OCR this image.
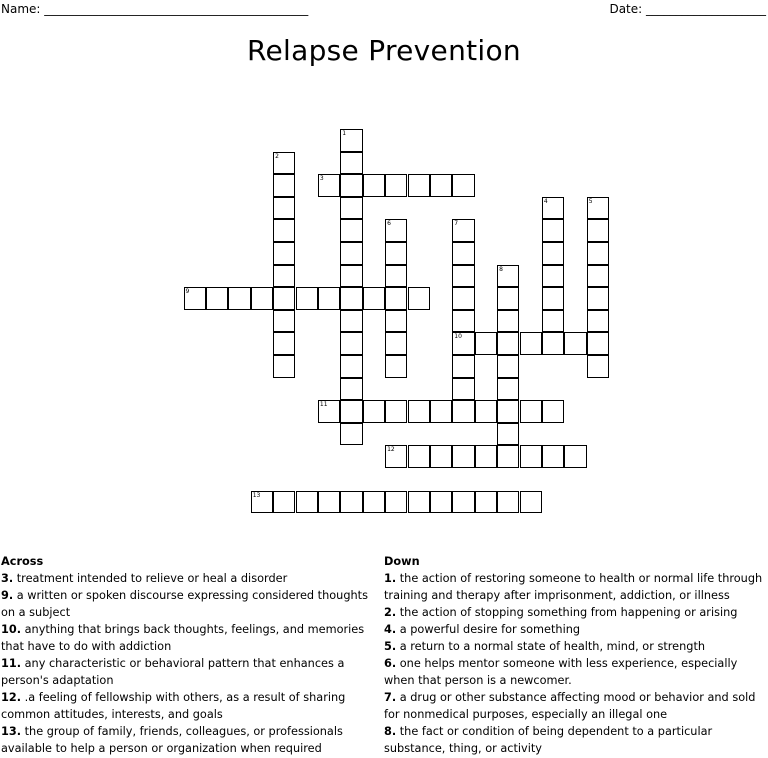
Name: ____________________________________________	Date: ____________________
Relapse Prevention
1
2
3
4	5
6	7
10
8
9
11
12
13
Across
3. treatment intended to relieve or heal a disorder
9. a written or spoken discourse expressing considered thoughts on a subject
10. anything that brings back thoughts, feelings, and memories that have to do with addiction
11. any characteristic or behavioral pattern that enhances a person's adaptation
12. .a feeling of fellowship with others, as a result of sharing common attitudes, interests, and goals
13. the group of family, friends, colleagues, or professionals available to help a person or organization when required
Down
1. the action of restoring someone to health or normal life through training and therapy after imprisonment, addiction, or illness
2. the action of stopping something from happening or arising
4. a powerful desire for something
5. a return to a normal state of health, mind, or strength
6. one helps mentor someone with less experience, especially when that person is a newcomer.
7. a drug or other substance affecting mood or behavior and sold for nonmedical purposes, especially an illegal one
8. the fact or condition of being dependent to a particular substance, thing, or activity
